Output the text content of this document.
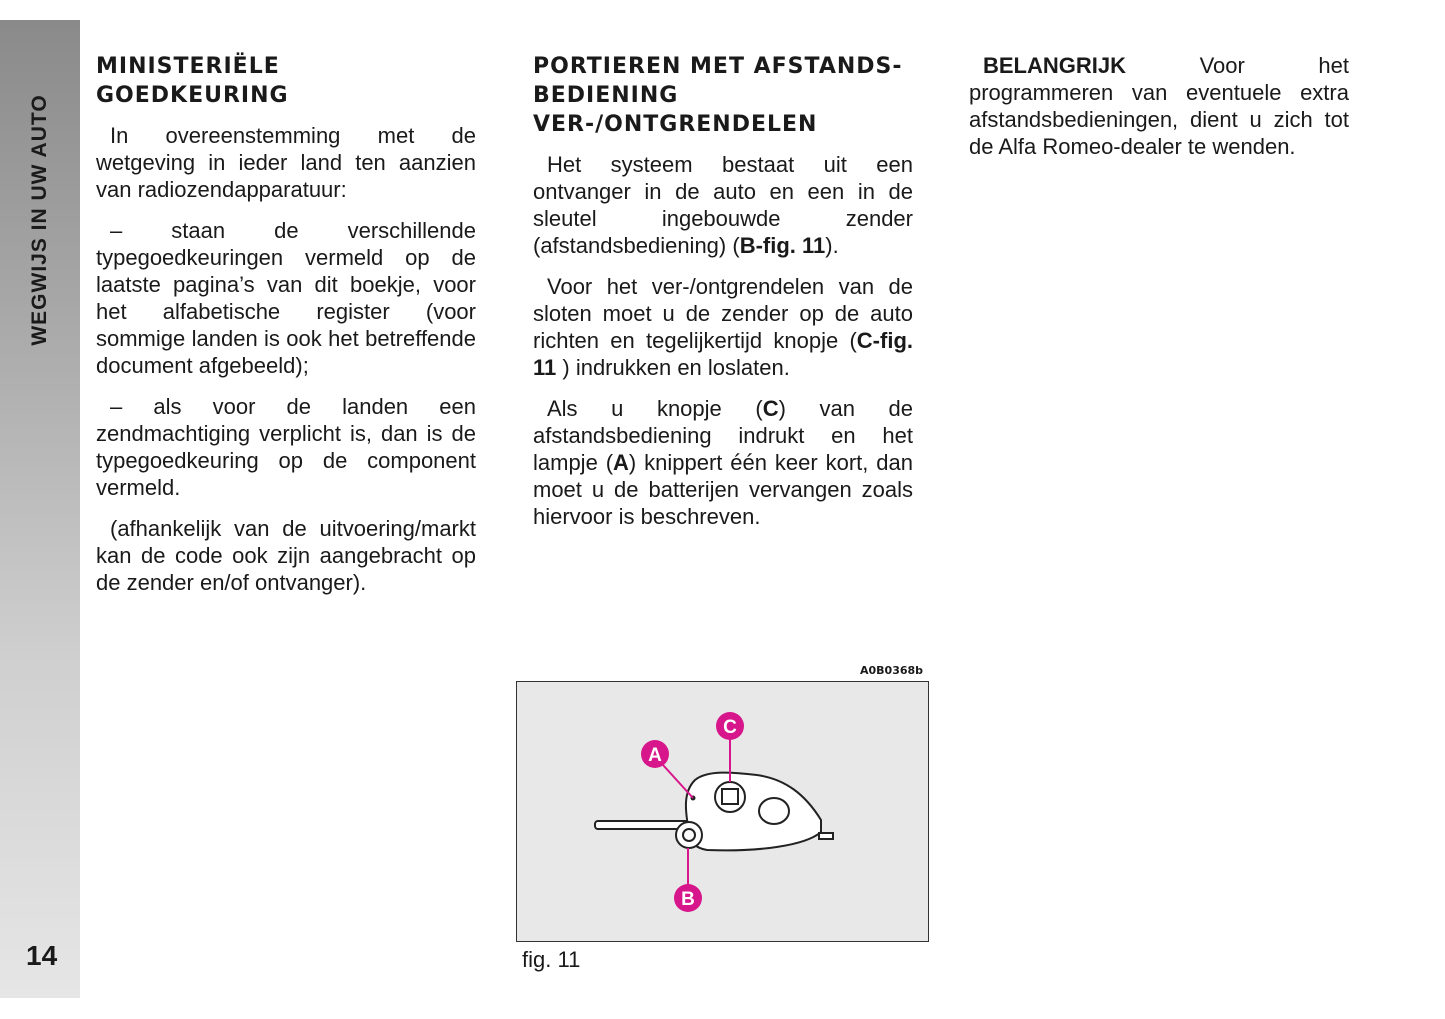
WEGWIJS IN UW AUTO
14
MINISTERIËLE
GOEDKEURING

In overeenstemming met de wetgeving in ieder land ten aanzien van radiozendapparatuur:

– staan de verschillende typegoedkeuringen vermeld op de laatste pagina’s van dit boekje, voor het alfabetische register (voor sommige landen is ook het betreffende document afgebeeld);

– als voor de landen een zendmachtiging verplicht is, dan is de typegoedkeuring op de component vermeld.

(afhankelijk van de uitvoering/markt kan de code ook zijn aangebracht op de zender en/of ontvanger).

PORTIEREN MET AFSTANDS-
BEDIENING
VER-/ONTGRENDELEN

Het systeem bestaat uit een ontvanger in de auto en een in de sleutel ingebouwde zender (afstandsbediening) (B-fig. 11).

Voor het ver-/ontgrendelen van de sloten moet u de zender op de auto richten en tegelijkertijd knopje (C-fig. 11 ) indrukken en loslaten.

Als u knopje (C) van de afstandsbediening indrukt en het lampje (A) knippert één keer kort, dan moet u de batterijen vervangen zoals hiervoor is beschreven.

BELANGRIJK Voor het programmeren van eventuele extra afstandsbedieningen, dient u zich tot de Alfa Romeo-dealer te wenden.

A0B0368b
A
C
B
fig. 11
